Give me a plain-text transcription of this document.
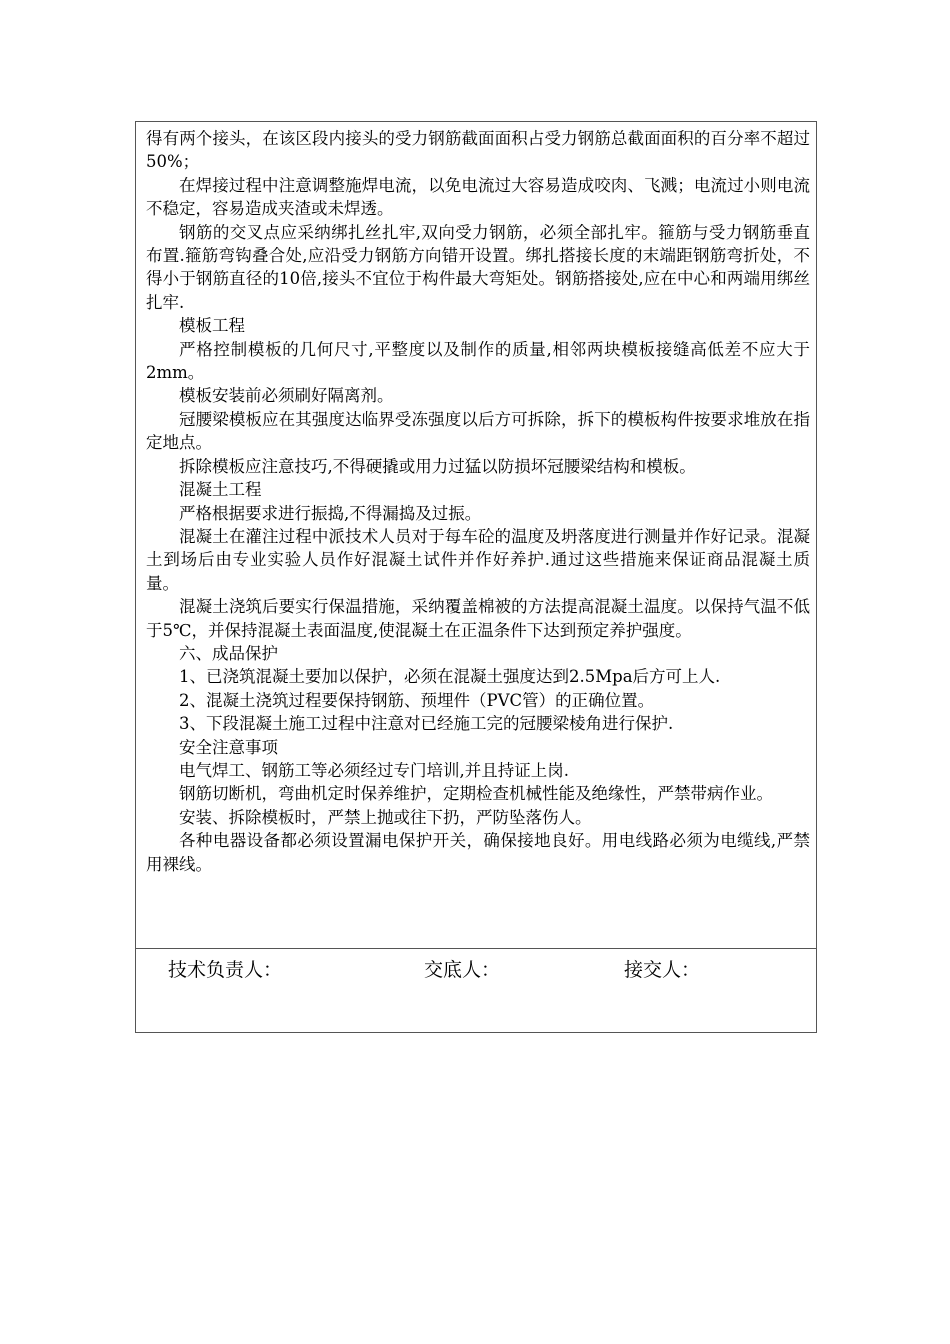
得有两个接头，在该区段内接头的受力钢筋截面面积占受力钢筋总截面面积的百分率不超过50%；

在焊接过程中注意调整施焊电流，以免电流过大容易造成咬肉、飞溅；电流过小则电流不稳定，容易造成夹渣或未焊透。

钢筋的交叉点应采纳绑扎丝扎牢,双向受力钢筋，必须全部扎牢。箍筋与受力钢筋垂直布置.箍筋弯钩叠合处,应沿受力钢筋方向错开设置。绑扎搭接长度的末端距钢筋弯折处，不得小于钢筋直径的10倍,接头不宜位于构件最大弯矩处。钢筋搭接处,应在中心和两端用绑丝扎牢.

模板工程

严格控制模板的几何尺寸,平整度以及制作的质量,相邻两块模板接缝高低差不应大于2mm。

模板安装前必须刷好隔离剂。

冠腰梁模板应在其强度达临界受冻强度以后方可拆除，拆下的模板构件按要求堆放在指定地点。

拆除模板应注意技巧,不得硬撬或用力过猛以防损坏冠腰梁结构和模板。

混凝土工程

严格根据要求进行振捣,不得漏捣及过振。

混凝土在灌注过程中派技术人员对于每车砼的温度及坍落度进行测量并作好记录。混凝土到场后由专业实验人员作好混凝土试件并作好养护.通过这些措施来保证商品混凝土质量。

混凝土浇筑后要实行保温措施，采纳覆盖棉被的方法提高混凝土温度。以保持气温不低于5℃，并保持混凝土表面温度,使混凝土在正温条件下达到预定养护强度。

六、成品保护

1、已浇筑混凝土要加以保护，必须在混凝土强度达到2.5Mpa后方可上人.

2、混凝土浇筑过程要保持钢筋、预埋件（PVC管）的正确位置。

3、下段混凝土施工过程中注意对已经施工完的冠腰梁棱角进行保护.

安全注意事项

电气焊工、钢筋工等必须经过专门培训,并且持证上岗.

钢筋切断机，弯曲机定时保养维护，定期检查机械性能及绝缘性，严禁带病作业。

安装、拆除模板时，严禁上抛或往下扔，严防坠落伤人。

各种电器设备都必须设置漏电保护开关，确保接地良好。用电线路必须为电缆线,严禁用裸线。

技术负责人：	交底人：	接交人：
